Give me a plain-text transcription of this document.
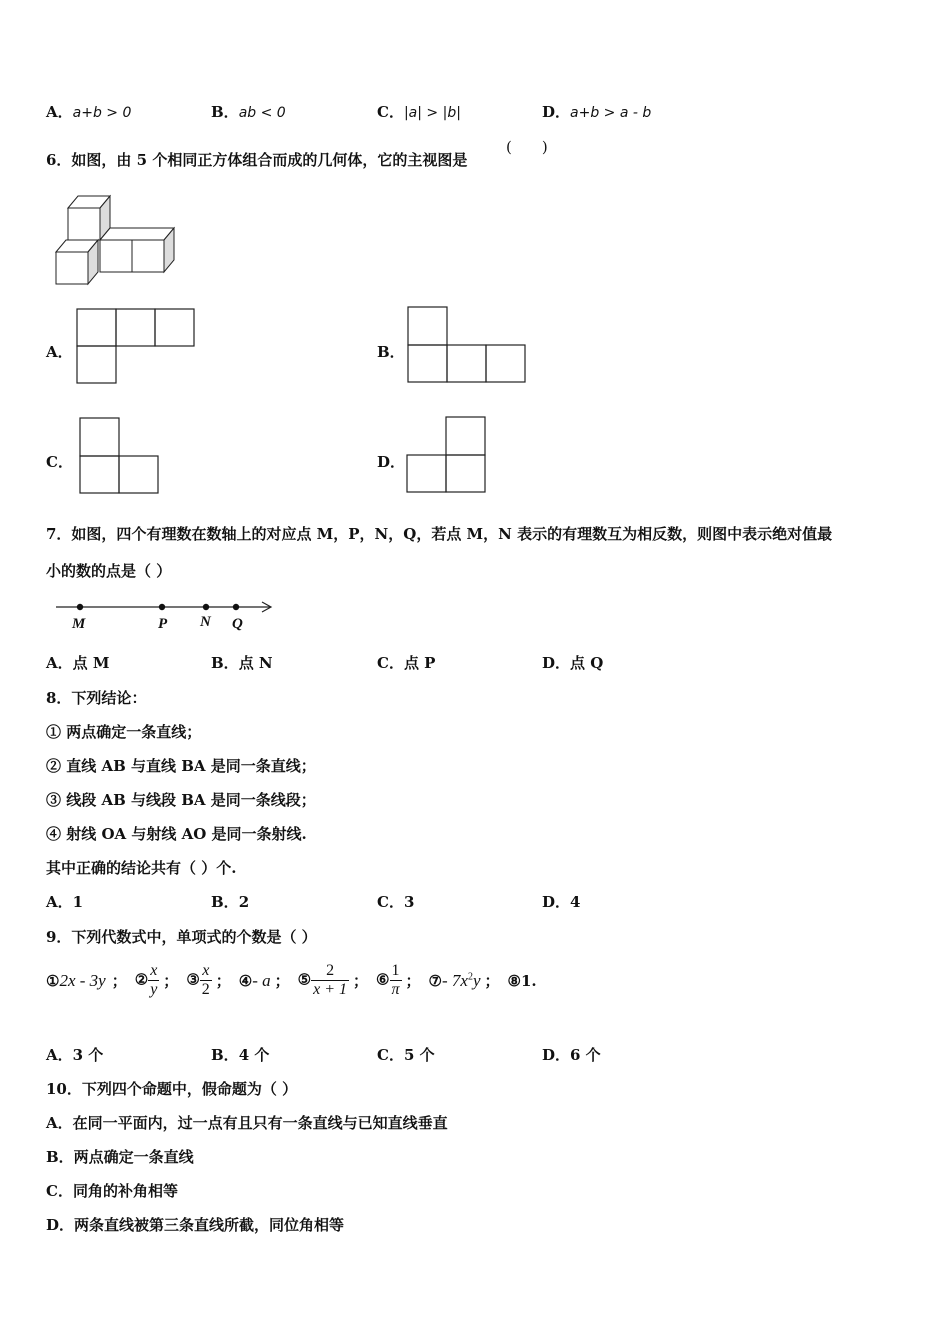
A．a+b > 0	B．ab < 0	C．|a| > |b|	D．a+b > a - b
6．如图，由 5 个相同正方体组合而成的几何体，它的主视图是
(　　)
A．	B．
C．	D．
7．如图，四个有理数在数轴上的对应点 M，P，N，Q，若点 M，N 表示的有理数互为相反数，则图中表示绝对值最
小的数的点是（ ）
M	P N Q
A．点 M	B．点 N	C．点 P	D．点 Q
8．下列结论：
① 两点确定一条直线；
② 直线 AB 与直线 BA 是同一条直线；
③ 线段 AB 与线段 BA 是同一条线段；
④ 射线 OA 与射线 AO 是同一条射线.
其中正确的结论共有（ ）个.
A．1	B．2	C．3	D．4
9．下列代数式中，单项式的个数是（ ）
①2x - 3y ； ② $\frac{x}{y}$ ； ③ $\frac{x}{2}$ ； ④- a ； ⑤ $\frac{2}{x + 1}$ ； ⑥ $\frac{1}{\pi}$ ； ⑦- $7x^2y$ ； ⑧1.
A．3 个	B．4 个	C．5 个	D．6 个
10．下列四个命题中，假命题为（ ）
A．在同一平面内，过一点有且只有一条直线与已知直线垂直
B．两点确定一条直线
C．同角的补角相等
D．两条直线被第三条直线所截，同位角相等
